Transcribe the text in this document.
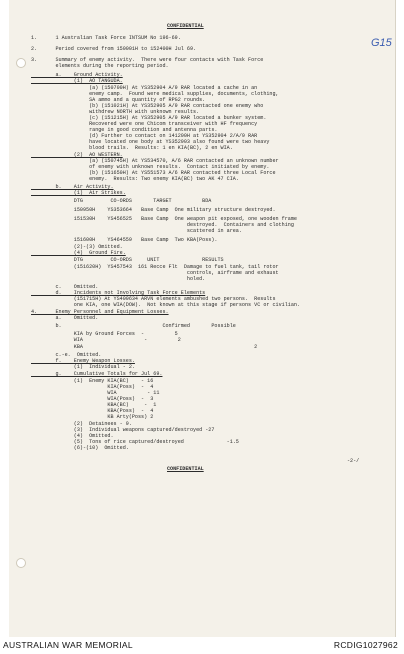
G15
CONFIDENTIAL
1.      1 Australian Task Force INTSUM No 196-69.
2.      Period covered from 150001H to 152400H Jul 69.
3.      Summary of enemy activity.  There were four contacts with Task Force
elements during the reporting period.
a.    Ground Activity.
(1)  AO TANGUDA.
(a) (150700H) At YS352904 A/9 RAR located a cache in an
enemy camp.  Found were medical supplies, documents, clothing,
SA ammo and a quantity of RPG2 rounds.
(b) (151021H) At YS352905 A/9 RAR contacted one enemy who
withdrew NORTH with unknown results.
(c) (151215H) At YS352905 A/9 RAR located a bunker system.
Recovered were one Chicom transceiver with HF frequency
range in good condition and antenna parts.
(d) Further to contact on 141200H at YS352904 2/A/9 RAR
have located one body at YS352903 also found were two heavy
blood trails.  Results: 1 en KIA(BC), 2 en WIA.
(2)  AO WESTERN.
(a) (150745H) At YS534570, A/6 RAR contacted an unknown number
of enemy with unknown results.  Contact initiated by enemy.
(b) (151650H) At YS551573 A/6 RAR contacted three Local Force
enemy.  Results: Two enemy KIA(BC) two AK 47 CIA.
b.    Air Activity.
(1)  Air Strikes.
DTG         CO-ORDS       TARGET          BDA
150950H    YS353664   Base Camp  One military structure destroyed.
151530H    YS456525   Base Camp  One weapon pit exposed, one wooden frame
destroyed.  Containers and clothing
scattered in area.
151600H    YS464559   Base Camp  Two KBA(Poss).
(2)-(3) Omitted.
(4)  Ground Fire.
DTG         CO-ORDS     UNIT              RESULTS
(151620H)  YS457543  161 Recce Flt  Damage to fuel tank, tail rotor
controls, airframe and exhaust
holed.
c.    Omitted.
d.    Incidents not Involving Task Force Elements
(151715H) At YS409634 ARVN elements ambushed two persons.  Results
one KIA, one WIA(DOW).  Not known at this stage if persons VC or civilian.
4.      Enemy Personnel and Equipment Losses.
a.    Omitted.
b.                                 Confirmed       Possible
KIA by Ground Forces  -          5
WIA                    -          2
KBA                                                        2
c.-e.  Omitted.
f.    Enemy Weapon Losses.
(1)  Individual - 2.
g.    Cumulative Totals for Jul 69.
(1)  Enemy KIA(BC)    - 16
KIA(Poss)  -  4
WIA          - 11
WIA(Poss)  -  3
KBA(BC)     -  1
KBA(Poss)  -  4
KB Arty(Poss) 2
(2)  Detainees - 9.
(3)  Individual weapons captured/destroyed -27
(4)  Omitted.
(5)  Tons of rice captured/destroyed              -1.5
(6)-(10)  Omitted.
-2-/
CONFIDENTIAL
AUSTRALIAN WAR MEMORIAL	RCDIG1027962
